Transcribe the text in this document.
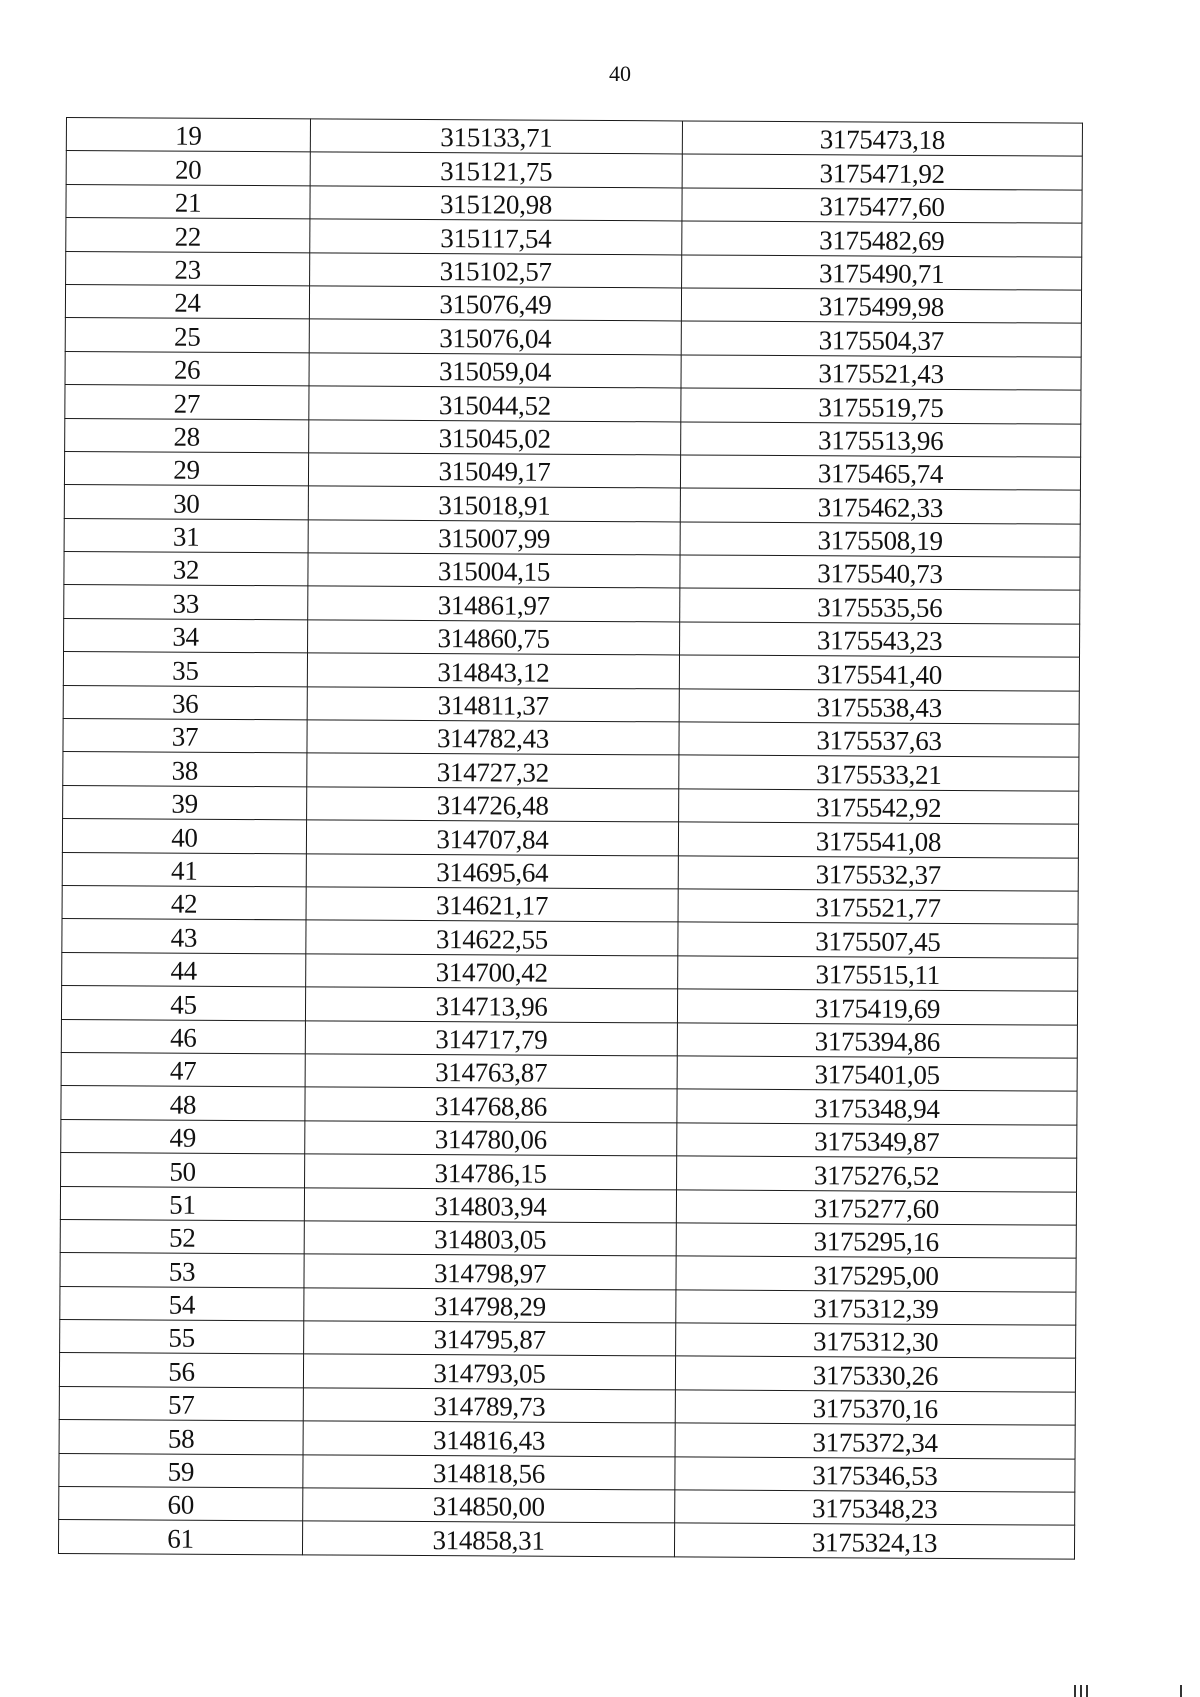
40
19	315133,71	3175473,18
20	315121,75	3175471,92
21	315120,98	3175477,60
22	315117,54	3175482,69
23	315102,57	3175490,71
24	315076,49	3175499,98
25	315076,04	3175504,37
26	315059,04	3175521,43
27	315044,52	3175519,75
28	315045,02	3175513,96
29	315049,17	3175465,74
30	315018,91	3175462,33
31	315007,99	3175508,19
32	315004,15	3175540,73
33	314861,97	3175535,56
34	314860,75	3175543,23
35	314843,12	3175541,40
36	314811,37	3175538,43
37	314782,43	3175537,63
38	314727,32	3175533,21
39	314726,48	3175542,92
40	314707,84	3175541,08
41	314695,64	3175532,37
42	314621,17	3175521,77
43	314622,55	3175507,45
44	314700,42	3175515,11
45	314713,96	3175419,69
46	314717,79	3175394,86
47	314763,87	3175401,05
48	314768,86	3175348,94
49	314780,06	3175349,87
50	314786,15	3175276,52
51	314803,94	3175277,60
52	314803,05	3175295,16
53	314798,97	3175295,00
54	314798,29	3175312,39
55	314795,87	3175312,30
56	314793,05	3175330,26
57	314789,73	3175370,16
58	314816,43	3175372,34
59	314818,56	3175346,53
60	314850,00	3175348,23
61	314858,31	3175324,13
